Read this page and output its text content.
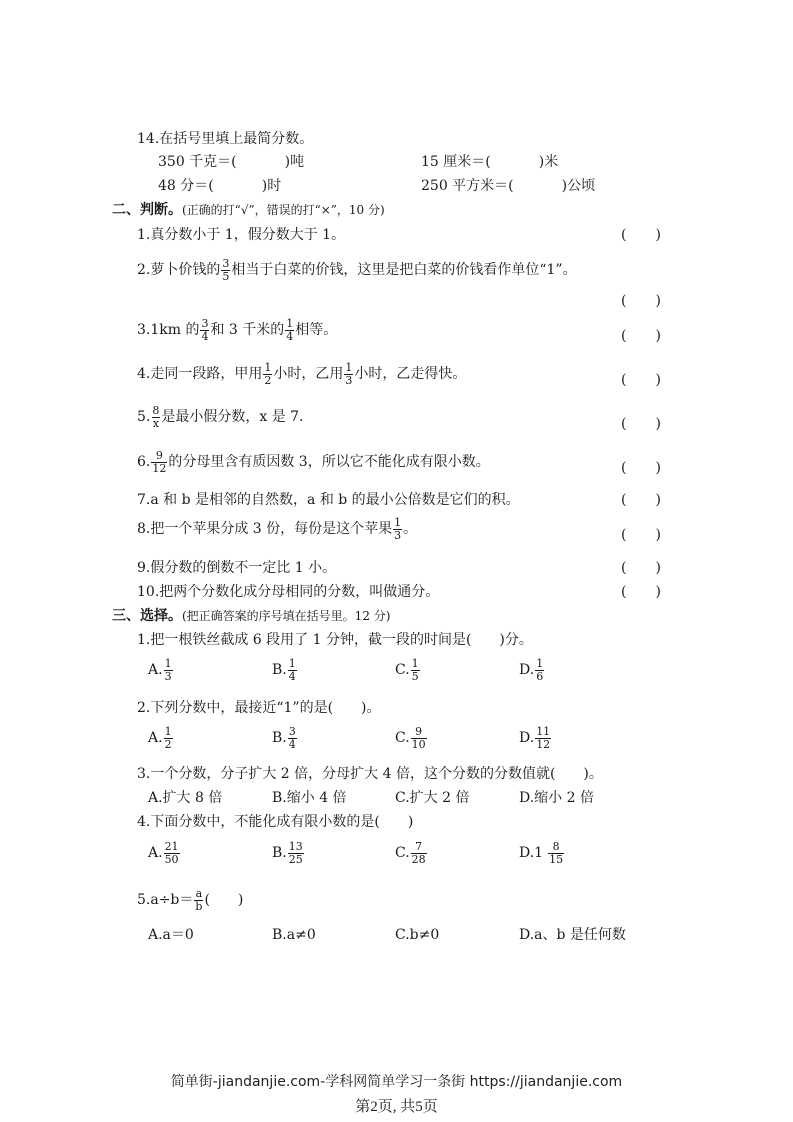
14.在括号里填上最简分数。
350 千克＝(	)吨	15 厘米＝(	)米
48 分＝(	)时	250 平方米＝(	)公顷
二、判断。(正确的打“√”，错误的打“×”，10 分)
1.真分数小于 1，假分数大于 1。	( )
2.萝卜价钱的 $\frac{3}{5}$ 相当于白菜的价钱，这里是把白菜的价钱看作单位“1”。
( )
3.1km 的 $\frac{3}{4}$ 和 3 千米的 $\frac{1}{4}$ 相等。	( )
4.走同一段路，甲用 $\frac{1}{2}$ 小时，乙用 $\frac{1}{3}$ 小时，乙走得快。	( )
5. $\frac{8}{x}$ 是最小假分数，x 是 7.	( )
6. $\frac{9}{12}$ 的分母里含有质因数 3，所以它不能化成有限小数。	( )
7.a 和 b 是相邻的自然数，a 和 b 的最小公倍数是它们的积。	( )
8.把一个苹果分成 3 份，每份是这个苹果 $\frac{1}{3}$ 。	( )
9.假分数的倒数不一定比 1 小。	( )
10.把两个分数化成分母相同的分数，叫做通分。	( )
三、选择。(把正确答案的序号填在括号里。12 分)
1.把一根铁丝截成 6 段用了 1 分钟，截一段的时间是(　　)分。
A. $\frac{1}{3}$	B. $\frac{1}{4}$	C. $\frac{1}{5}$	D. $\frac{1}{6}$
2.下列分数中，最接近“1”的是(　　)。
A. $\frac{1}{2}$	B. $\frac{3}{4}$	C. $\frac{9}{10}$	D. $\frac{11}{12}$
3.一个分数，分子扩大 2 倍，分母扩大 4 倍，这个分数的分数值就(　　)。
A.扩大 8 倍	B.缩小 4 倍	C.扩大 2 倍	D.缩小 2 倍
4.下面分数中，不能化成有限小数的是(　　)
A. $\frac{21}{50}$	B. $\frac{13}{25}$	C. $\frac{7}{28}$	$D.1 \frac{8}{15}$
$5.a\div b= \frac{a}{b}$ (　　)
A.a＝0	B.a≠0	C.b≠0	D.a、b 是任何数
简单街-jiandanjie.com-学科网简单学习一条街 https://jiandanjie.com
第2页, 共5页
